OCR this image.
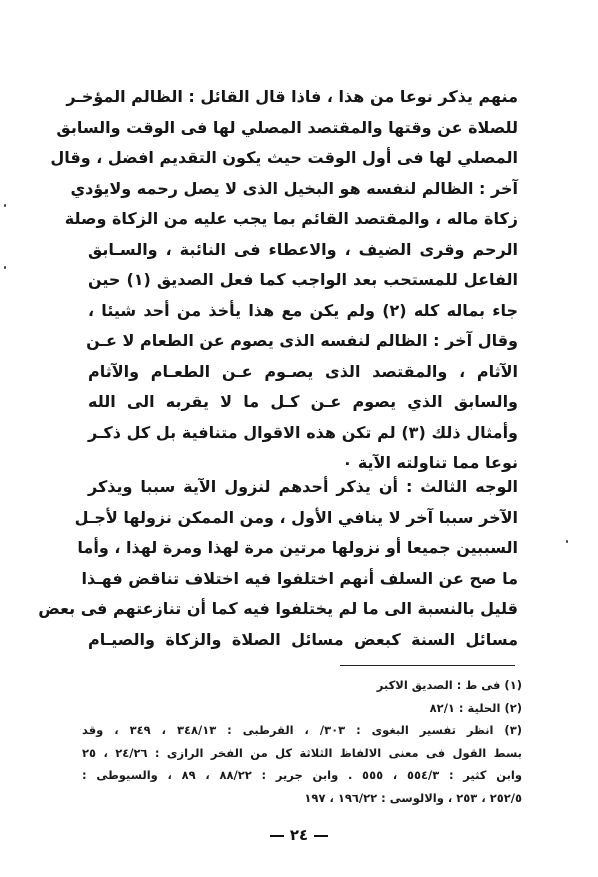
منهم يذكر نوعا من هذا ، فاذا قال القائل : الظالم المؤخـر
للصلاة عن وقتها والمقتصد المصلي لها فى الوقت والسابق
المصلي لها فى أول الوقت حيث يكون التقديم افضل ، وقال
آخر : الظالم لنفسه هو البخيل الذى لا يصل رحمه ولايؤدي
زكاة ماله ، والمقتصد القائم بما يجب عليه من الزكاة وصلة
الرحم وقرى الضيف ، والاعطاء فى النائبة ، والسـابق
الفاعل للمستحب بعد الواجب كما فعل الصديق (١) حين
جاء بماله كله (٢) ولم يكن مع هذا يأخذ من أحد شيئا ،
وقال آخر : الظالم لنفسه الذى يصوم عن الطعام لا عـن
الآثام ، والمقتصد الذى يصـوم عـن الطعـام والآثام
والسابق الذي يصوم عـن كـل ما لا يقربه الى الله
وأمثال ذلك (٣) لم تكن هذه الاقوال متنافية بل كل ذكـر
نوعا مما تناولته الآية ٠
الوجه الثالث : أن يذكر أحدهم لنزول الآية سببا ويذكر
الآخر سببا آخر لا ينافي الأول ، ومن الممكن نزولها لأجـل
السببين جميعا أو نزولها مرتين مرة لهذا ومرة لهذا ، وأما
ما صح عن السلف أنهم اختلفوا فيه اختلاف تناقض فهـذا
قليل بالنسبة الى ما لم يختلفوا فيه كما أن تنازعتهم فى بعض
مسائل السنة كبعض مسائل الصلاة والزكاة والصيـام
(١) فى ط : الصديق الاكبر
(٢) الحلية : ٨٢/١
(٣) انظر تفسير البغوى : ٣٠٣/ ، القرطبى : ٣٤٨/١٣ ، ٣٤٩ ، وقد
بسط القول فى معنى الالفاظ الثلاثة كل من الفخر الرازى : ٢٤/٢٦ ، ٢٥
وابن كثير : ٥٥٤/٣ ، ٥٥٥ . وابن جرير : ٨٨/٢٢ ، ٨٩ ، والسيوطى :
٢٥٢/٥ ، ٢٥٣ ، والالوسى : ١٩٦/٢٢ ، ١٩٧
٢٤
